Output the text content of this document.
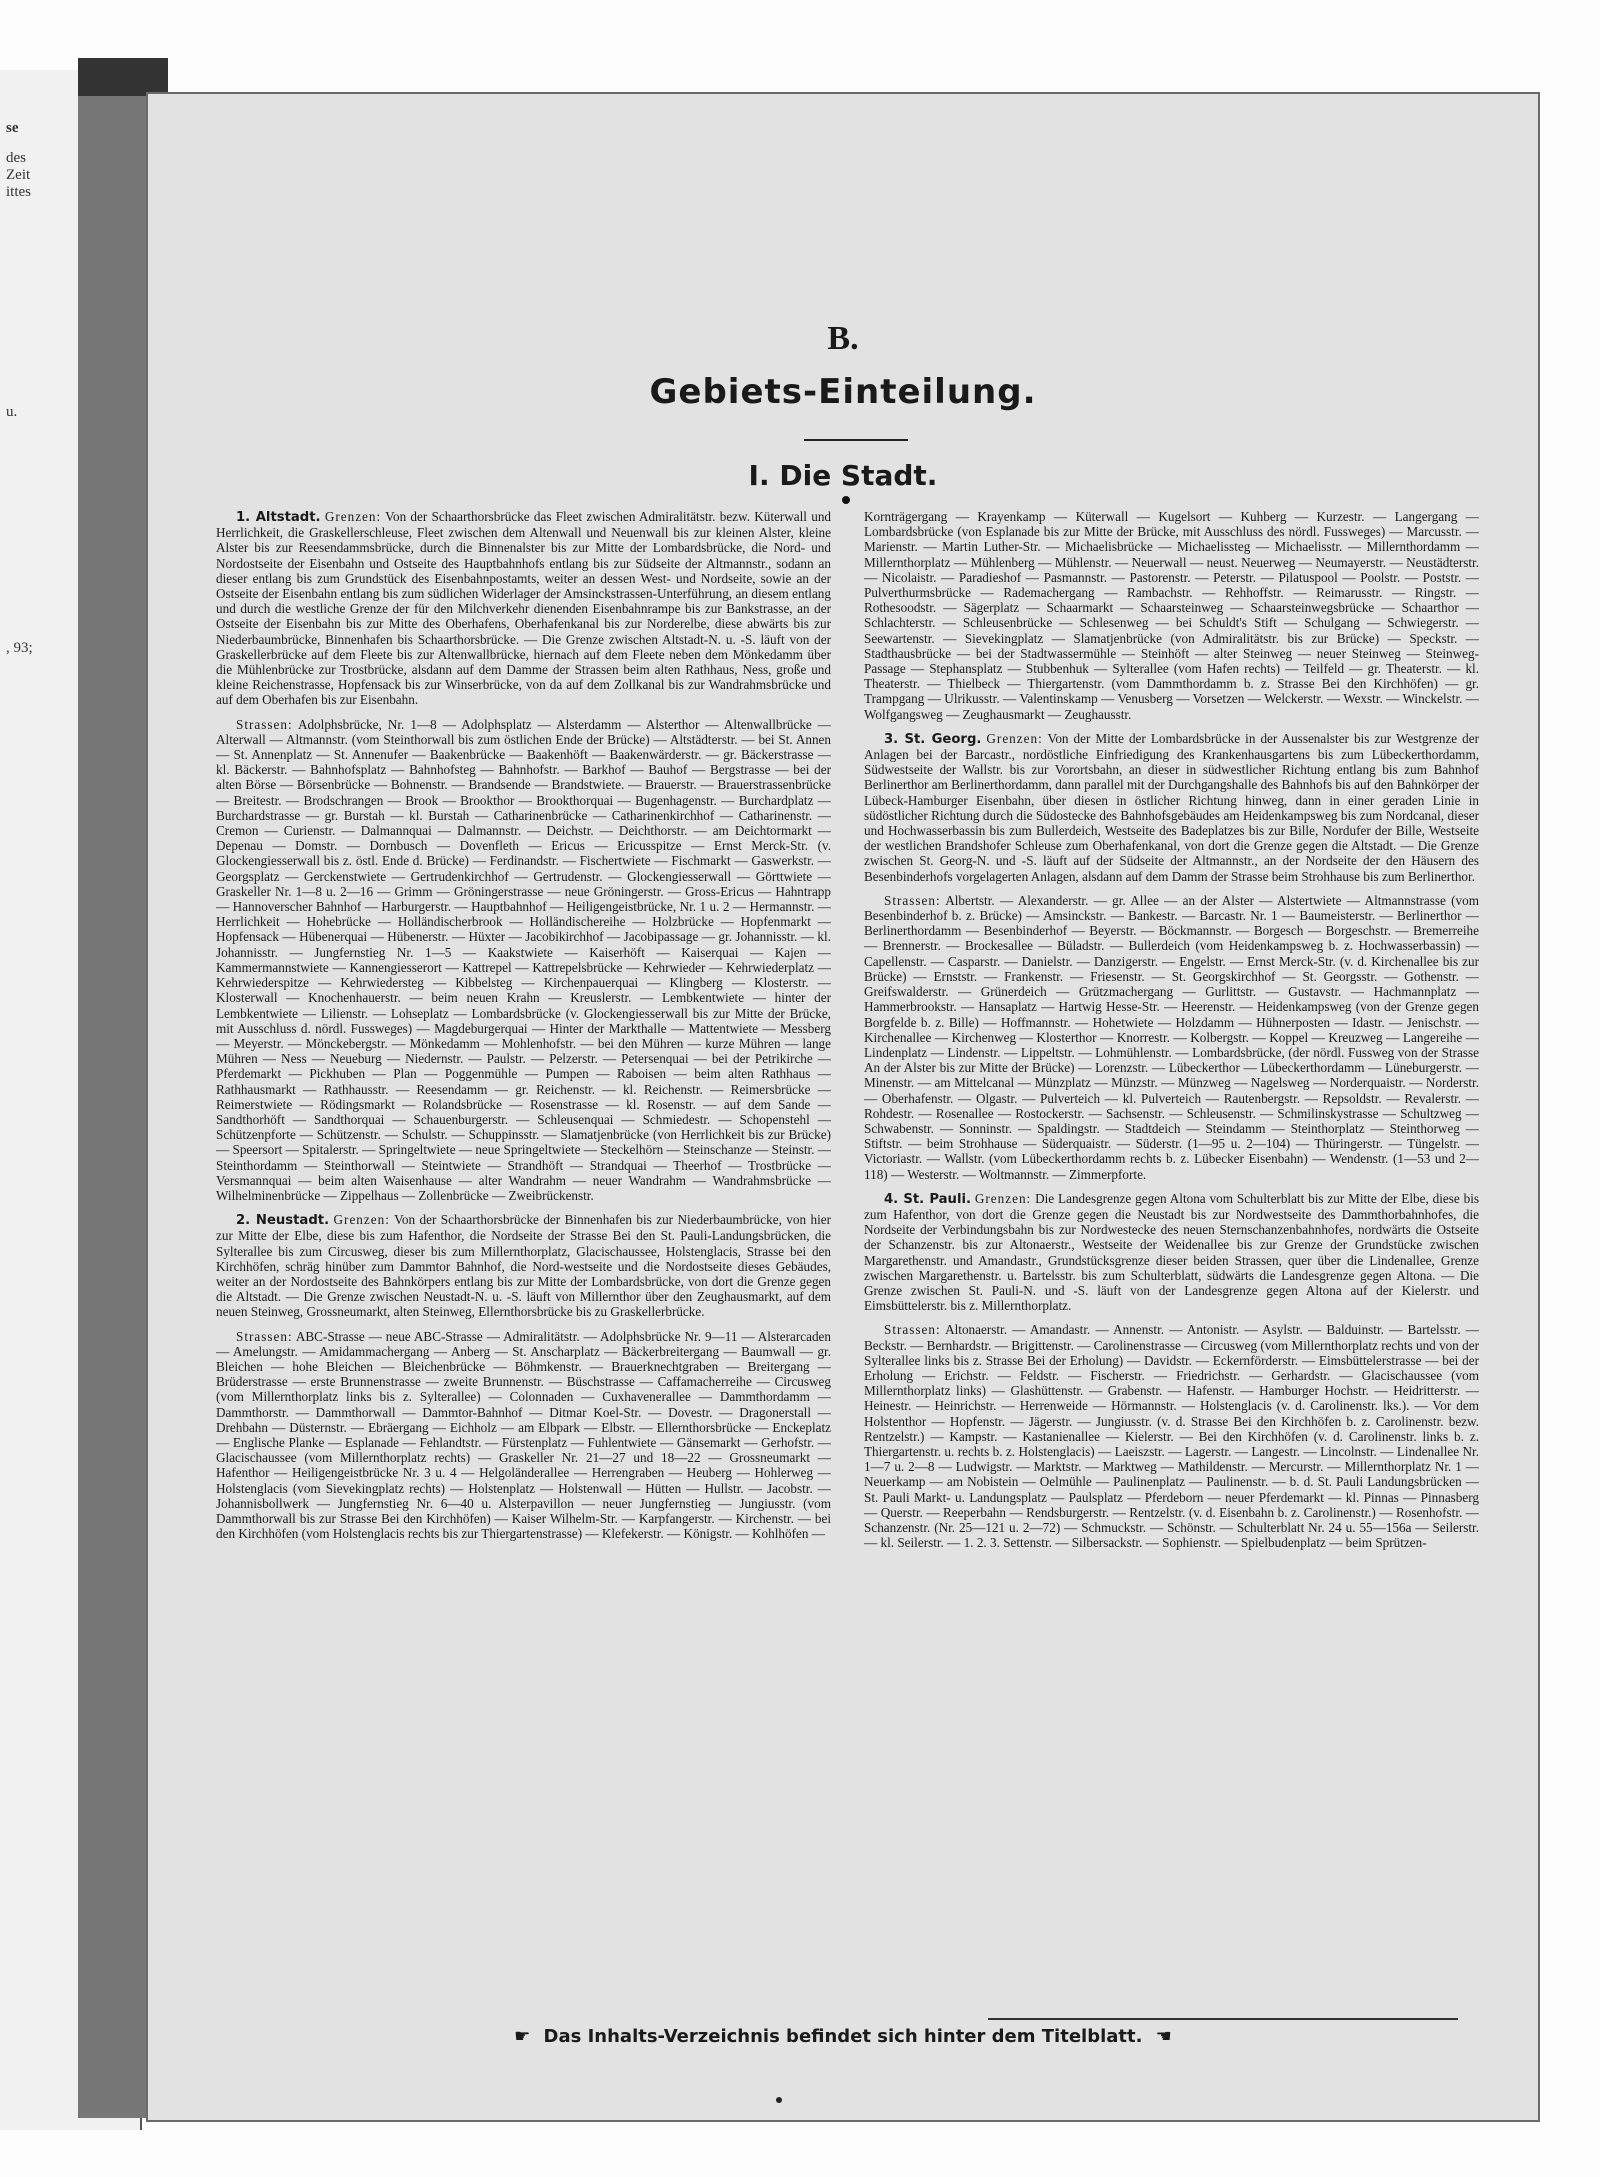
se
des
Zeit
ittes
u.
, 93;
B.
Gebiets-Einteilung.
I. Die Stadt.

1. Altstadt. Grenzen: Von der Schaarthorsbrücke das Fleet zwischen Admiralitätstr. bezw. Küterwall und Herrlichkeit, die Graskellerschleuse, Fleet zwischen dem Altenwall und Neuenwall bis zur kleinen Alster, kleine Alster bis zur Reesendammsbrücke, durch die Binnenalster bis zur Mitte der Lombardsbrücke, die Nord- und Nordostseite der Eisenbahn und Ostseite des Hauptbahnhofs entlang bis zur Südseite der Altmannstr., sodann an dieser entlang bis zum Grundstück des Eisenbahnpostamts, weiter an dessen West- und Nordseite, sowie an der Ostseite der Eisenbahn entlang bis zum südlichen Widerlager der Amsinckstrassen-Unterführung, an diesem entlang und durch die westliche Grenze der für den Milchverkehr dienenden Eisenbahnrampe bis zur Bankstrasse, an der Ostseite der Eisenbahn bis zur Mitte des Oberhafens, Oberhafenkanal bis zur Norderelbe, diese abwärts bis zur Niederbaumbrücke, Binnenhafen bis Schaarthorsbrücke. — Die Grenze zwischen Altstadt-N. u. -S. läuft von der Graskellerbrücke auf dem Fleete bis zur Altenwallbrücke, hiernach auf dem Fleete neben dem Mönkedamm über die Mühlenbrücke zur Trostbrücke, alsdann auf dem Damme der Strassen beim alten Rathhaus, Ness, große und kleine Reichenstrasse, Hopfensack bis zur Winserbrücke, von da auf dem Zollkanal bis zur Wandrahmsbrücke und auf dem Oberhafen bis zur Eisenbahn.

Strassen: Adolphsbrücke, Nr. 1—8 — Adolphsplatz — Alsterdamm — Alsterthor — Altenwallbrücke — Alterwall — Altmannstr. (vom Steinthorwall bis zum östlichen Ende der Brücke) — Altstädterstr. — bei St. Annen — St. Annenplatz — St. Annenufer — Baakenbrücke — Baakenhöft — Baakenwärderstr. — gr. Bäckerstrasse — kl. Bäckerstr. — Bahnhofsplatz — Bahnhofsteg — Bahnhofstr. — Barkhof — Bauhof — Bergstrasse — bei der alten Börse — Börsenbrücke — Bohnenstr. — Brandsende — Brandstwiete. — Brauerstr. — Brauerstrassenbrücke — Breitestr. — Brodschrangen — Brook — Brookthor — Brookthorquai — Bugenhagenstr. — Burchardplatz — Burchardstrasse — gr. Burstah — kl. Burstah — Catharinenbrücke — Catharinenkirchhof — Catharinenstr. — Cremon — Curienstr. — Dalmannquai — Dalmannstr. — Deichstr. — Deichthorstr. — am Deichtormarkt — Depenau — Domstr. — Dornbusch — Dovenfleth — Ericus — Ericusspitze — Ernst Merck-Str. (v. Glockengiesserwall bis z. östl. Ende d. Brücke) — Ferdinandstr. — Fischertwiete — Fischmarkt — Gaswerkstr. — Georgsplatz — Gerckenstwiete — Gertrudenkirchhof — Gertrudenstr. — Glockengiesserwall — Görttwiete — Graskeller Nr. 1—8 u. 2—16 — Grimm — Gröningerstrasse — neue Gröningerstr. — Gross-Ericus — Hahntrapp — Hannoverscher Bahnhof — Harburgerstr. — Hauptbahnhof — Heiligengeistbrücke, Nr. 1 u. 2 — Hermannstr. — Herrlichkeit — Hohebrücke — Holländischerbrook — Holländischereihe — Holzbrücke — Hopfenmarkt — Hopfensack — Hübenerquai — Hübenerstr. — Hüxter — Jacobikirchhof — Jacobipassage — gr. Johannisstr. — kl. Johannisstr. — Jungfernstieg Nr. 1—5 — Kaakstwiete — Kaiserhöft — Kaiserquai — Kajen — Kammermannstwiete — Kannengiesserort — Kattrepel — Kattrepelsbrücke — Kehrwieder — Kehrwiederplatz — Kehrwiederspitze — Kehrwiedersteg — Kibbelsteg — Kirchenpauerquai — Klingberg — Klosterstr. — Klosterwall — Knochenhauerstr. — beim neuen Krahn — Kreuslerstr. — Lembkentwiete — hinter der Lembkentwiete — Lilienstr. — Lohseplatz — Lombardsbrücke (v. Glockengiesserwall bis zur Mitte der Brücke, mit Ausschluss d. nördl. Fussweges) — Magdeburgerquai — Hinter der Markthalle — Mattentwiete — Messberg — Meyerstr. — Mönckebergstr. — Mönkedamm — Mohlenhofstr. — bei den Mühren — kurze Mühren — lange Mühren — Ness — Neueburg — Niedernstr. — Paulstr. — Pelzerstr. — Petersenquai — bei der Petrikirche — Pferdemarkt — Pickhuben — Plan — Poggenmühle — Pumpen — Raboisen — beim alten Rathhaus — Rathhausmarkt — Rathhausstr. — Reesendamm — gr. Reichenstr. — kl. Reichenstr. — Reimersbrücke — Reimerstwiete — Rödingsmarkt — Rolandsbrücke — Rosenstrasse — kl. Rosenstr. — auf dem Sande — Sandthorhöft — Sandthorquai — Schauenburgerstr. — Schleusenquai — Schmiedestr. — Schopenstehl — Schützenpforte — Schützenstr. — Schulstr. — Schuppinsstr. — Slamatjenbrücke (von Herrlichkeit bis zur Brücke) — Speersort — Spitalerstr. — Springeltwiete — neue Springeltwiete — Steckelhörn — Steinschanze — Steinstr. — Steinthordamm — Steinthorwall — Steintwiete — Strandhöft — Strandquai — Theerhof — Trostbrücke — Versmannquai — beim alten Waisenhause — alter Wandrahm — neuer Wandrahm — Wandrahmsbrücke — Wilhelminenbrücke — Zippelhaus — Zollenbrücke — Zweibrückenstr.

2. Neustadt. Grenzen: Von der Schaarthorsbrücke der Binnenhafen bis zur Niederbaumbrücke, von hier zur Mitte der Elbe, diese bis zum Hafenthor, die Nordseite der Strasse Bei den St. Pauli-Landungsbrücken, die Sylterallee bis zum Circusweg, dieser bis zum Millernthorplatz, Glacischaussee, Holstenglacis, Strasse bei den Kirchhöfen, schräg hinüber zum Dammtor Bahnhof, die Nord-westseite und die Nordostseite dieses Gebäudes, weiter an der Nordostseite des Bahnkörpers entlang bis zur Mitte der Lombardsbrücke, von dort die Grenze gegen die Altstadt. — Die Grenze zwischen Neustadt-N. u. -S. läuft von Millernthor über den Zeughausmarkt, auf dem neuen Steinweg, Grossneumarkt, alten Steinweg, Ellernthorsbrücke bis zu Graskellerbrücke.

Strassen: ABC-Strasse — neue ABC-Strasse — Admiralitätstr. — Adolphsbrücke Nr. 9—11 — Alsterarcaden — Amelungstr. — Amidammachergang — Anberg — St. Anscharplatz — Bäckerbreitergang — Baumwall — gr. Bleichen — hohe Bleichen — Bleichenbrücke — Böhmkenstr. — Brauerknechtgraben — Breitergang — Brüderstrasse — erste Brunnenstrasse — zweite Brunnenstr. — Büschstrasse — Caffamacherreihe — Circusweg (vom Millernthorplatz links bis z. Sylterallee) — Colonnaden — Cuxhavenerallee — Dammthordamm — Dammthorstr. — Dammthorwall — Dammtor-Bahnhof — Ditmar Koel-Str. — Dovestr. — Dragonerstall — Drehbahn — Düsternstr. — Ebräergang — Eichholz — am Elbpark — Elbstr. — Ellernthorsbrücke — Enckeplatz — Englische Planke — Esplanade — Fehlandtstr. — Fürstenplatz — Fuhlentwiete — Gänsemarkt — Gerhofstr. — Glacischaussee (vom Millernthorplatz rechts) — Graskeller Nr. 21—27 und 18—22 — Grossneumarkt — Hafenthor — Heiligengeistbrücke Nr. 3 u. 4 — Helgoländerallee — Herrengraben — Heuberg — Hohlerweg — Holstenglacis (vom Sievekingplatz rechts) — Holstenplatz — Holstenwall — Hütten — Hullstr. — Jacobstr. — Johannisbollwerk — Jungfernstieg Nr. 6—40 u. Alsterpavillon — neuer Jungfernstieg — Jungiusstr. (vom Dammthorwall bis zur Strasse Bei den Kirchhöfen) — Kaiser Wilhelm-Str. — Karpfangerstr. — Kirchenstr. — bei den Kirchhöfen (vom Holstenglacis rechts bis zur Thiergartenstrasse) — Klefekerstr. — Königstr. — Kohlhöfen —

Kornträgergang — Krayenkamp — Küterwall — Kugelsort — Kuhberg — Kurzestr. — Langergang — Lombardsbrücke (von Esplanade bis zur Mitte der Brücke, mit Ausschluss des nördl. Fussweges) — Marcusstr. — Marienstr. — Martin Luther-Str. — Michaelisbrücke — Michaelissteg — Michaelisstr. — Millernthordamm — Millernthorplatz — Mühlenberg — Mühlenstr. — Neuerwall — neust. Neuerweg — Neumayerstr. — Neustädterstr. — Nicolaistr. — Paradieshof — Pasmannstr. — Pastorenstr. — Peterstr. — Pilatuspool — Poolstr. — Poststr. — Pulverthurmsbrücke — Rademachergang — Rambachstr. — Rehhoffstr. — Reimarusstr. — Ringstr. — Rothesoodstr. — Sägerplatz — Schaarmarkt — Schaarsteinweg — Schaarsteinwegsbrücke — Schaarthor — Schlachterstr. — Schleusenbrücke — Schlesenweg — bei Schuldt's Stift — Schulgang — Schwiegerstr. — Seewartenstr. — Sievekingplatz — Slamatjenbrücke (von Admiralitätstr. bis zur Brücke) — Speckstr. — Stadthausbrücke — bei der Stadtwassermühle — Steinhöft — alter Steinweg — neuer Steinweg — Steinweg-Passage — Stephansplatz — Stubbenhuk — Sylterallee (vom Hafen rechts) — Teilfeld — gr. Theaterstr. — kl. Theaterstr. — Thielbeck — Thiergartenstr. (vom Dammthordamm b. z. Strasse Bei den Kirchhöfen) — gr. Trampgang — Ulrikusstr. — Valentinskamp — Venusberg — Vorsetzen — Welckerstr. — Wexstr. — Winckelstr. — Wolfgangsweg — Zeughausmarkt — Zeughausstr.

3. St. Georg. Grenzen: Von der Mitte der Lombardsbrücke in der Aussenalster bis zur Westgrenze der Anlagen bei der Barcastr., nordöstliche Einfriedigung des Krankenhausgartens bis zum Lübeckerthordamm, Südwestseite der Wallstr. bis zur Vorortsbahn, an dieser in südwestlicher Richtung entlang bis zum Bahnhof Berlinerthor am Berlinerthordamm, dann parallel mit der Durchgangshalle des Bahnhofs bis auf den Bahnkörper der Lübeck-Hamburger Eisenbahn, über diesen in östlicher Richtung hinweg, dann in einer geraden Linie in südöstlicher Richtung durch die Südostecke des Bahnhofsgebäudes am Heidenkampsweg bis zum Nordcanal, dieser und Hochwasserbassin bis zum Bullerdeich, Westseite des Badeplatzes bis zur Bille, Nordufer der Bille, Westseite der westlichen Brandshofer Schleuse zum Oberhafenkanal, von dort die Grenze gegen die Altstadt. — Die Grenze zwischen St. Georg-N. und -S. läuft auf der Südseite der Altmannstr., an der Nordseite der den Häusern des Besenbinderhofs vorgelagerten Anlagen, alsdann auf dem Damm der Strasse beim Strohhause bis zum Berlinerthor.

Strassen: Albertstr. — Alexanderstr. — gr. Allee — an der Alster — Alstertwiete — Altmannstrasse (vom Besenbinderhof b. z. Brücke) — Amsinckstr. — Bankestr. — Barcastr. Nr. 1 — Baumeisterstr. — Berlinerthor — Berlinerthordamm — Besenbinderhof — Beyerstr. — Böckmannstr. — Borgesch — Borgeschstr. — Bremerreihe — Brennerstr. — Brockesallee — Büladstr. — Bullerdeich (vom Heidenkampsweg b. z. Hochwasserbassin) — Capellenstr. — Casparstr. — Danielstr. — Danzigerstr. — Engelstr. — Ernst Merck-Str. (v. d. Kirchenallee bis zur Brücke) — Ernststr. — Frankenstr. — Friesenstr. — St. Georgskirchhof — St. Georgsstr. — Gothenstr. — Greifswalderstr. — Grünerdeich — Grützmachergang — Gurlittstr. — Gustavstr. — Hachmannplatz — Hammerbrookstr. — Hansaplatz — Hartwig Hesse-Str. — Heerenstr. — Heidenkampsweg (von der Grenze gegen Borgfelde b. z. Bille) — Hoffmannstr. — Hohetwiete — Holzdamm — Hühnerposten — Idastr. — Jenischstr. — Kirchenallee — Kirchenweg — Klosterthor — Knorrestr. — Kolbergstr. — Koppel — Kreuzweg — Langereihe — Lindenplatz — Lindenstr. — Lippeltstr. — Lohmühlenstr. — Lombardsbrücke, (der nördl. Fussweg von der Strasse An der Alster bis zur Mitte der Brücke) — Lorenzstr. — Lübeckerthor — Lübeckerthordamm — Lüneburgerstr. — Minenstr. — am Mittelcanal — Münzplatz — Münzstr. — Münzweg — Nagelsweg — Norderquaistr. — Norderstr. — Oberhafenstr. — Olgastr. — Pulverteich — kl. Pulverteich — Rautenbergstr. — Repsoldstr. — Revalerstr. — Rohdestr. — Rosenallee — Rostockerstr. — Sachsenstr. — Schleusenstr. — Schmilinskystrasse — Schultzweg — Schwabenstr. — Sonninstr. — Spaldingstr. — Stadtdeich — Steindamm — Steinthorplatz — Steinthorweg — Stiftstr. — beim Strohhause — Süderquaistr. — Süderstr. (1—95 u. 2—104) — Thüringerstr. — Tüngelstr. — Victoriastr. — Wallstr. (vom Lübeckerthordamm rechts b. z. Lübecker Eisenbahn) — Wendenstr. (1—53 und 2—118) — Westerstr. — Woltmannstr. — Zimmerpforte.

4. St. Pauli. Grenzen: Die Landesgrenze gegen Altona vom Schulterblatt bis zur Mitte der Elbe, diese bis zum Hafenthor, von dort die Grenze gegen die Neustadt bis zur Nordwestseite des Dammthorbahnhofes, die Nordseite der Verbindungsbahn bis zur Nordwestecke des neuen Sternschanzenbahnhofes, nordwärts die Ostseite der Schanzenstr. bis zur Altonaerstr., Westseite der Weidenallee bis zur Grenze der Grundstücke zwischen Margarethenstr. und Amandastr., Grundstücksgrenze dieser beiden Strassen, quer über die Lindenallee, Grenze zwischen Margarethenstr. u. Bartelsstr. bis zum Schulterblatt, südwärts die Landesgrenze gegen Altona. — Die Grenze zwischen St. Pauli-N. und -S. läuft von der Landesgrenze gegen Altona auf der Kielerstr. und Eimsbüttelerstr. bis z. Millernthorplatz.

Strassen: Altonaerstr. — Amandastr. — Annenstr. — Antonistr. — Asylstr. — Balduinstr. — Bartelsstr. — Beckstr. — Bernhardstr. — Brigittenstr. — Carolinenstrasse — Circusweg (vom Millernthorplatz rechts und von der Sylterallee links bis z. Strasse Bei der Erholung) — Davidstr. — Eckernförderstr. — Eimsbüttelerstrasse — bei der Erholung — Erichstr. — Feldstr. — Fischerstr. — Friedrichstr. — Gerhardstr. — Glacischaussee (vom Millernthorplatz links) — Glashüttenstr. — Grabenstr. — Hafenstr. — Hamburger Hochstr. — Heidritterstr. — Heinestr. — Heinrichstr. — Herrenweide — Hörmannstr. — Holstenglacis (v. d. Carolinenstr. lks.). — Vor dem Holstenthor — Hopfenstr. — Jägerstr. — Jungiusstr. (v. d. Strasse Bei den Kirchhöfen b. z. Carolinenstr. bezw. Rentzelstr.) — Kampstr. — Kastanienallee — Kielerstr. — Bei den Kirchhöfen (v. d. Carolinenstr. links b. z. Thiergartenstr. u. rechts b. z. Holstenglacis) — Laeiszstr. — Lagerstr. — Langestr. — Lincolnstr. — Lindenallee Nr. 1—7 u. 2—8 — Ludwigstr. — Marktstr. — Marktweg — Mathildenstr. — Mercurstr. — Millernthorplatz Nr. 1 — Neuerkamp — am Nobistein — Oelmühle — Paulinenplatz — Paulinenstr. — b. d. St. Pauli Landungsbrücken — St. Pauli Markt- u. Landungsplatz — Paulsplatz — Pferdeborn — neuer Pferdemarkt — kl. Pinnas — Pinnasberg — Querstr. — Reeperbahn — Rendsburgerstr. — Rentzelstr. (v. d. Eisenbahn b. z. Carolinenstr.) — Rosenhofstr. — Schanzenstr. (Nr. 25—121 u. 2—72) — Schmuckstr. — Schönstr. — Schulterblatt Nr. 24 u. 55—156a — Seilerstr. — kl. Seilerstr. — 1. 2. 3. Settenstr. — Silbersackstr. — Sophienstr. — Spielbudenplatz — beim Sprützen-

☛ Das Inhalts-Verzeichnis befindet sich hinter dem Titelblatt. ☚
